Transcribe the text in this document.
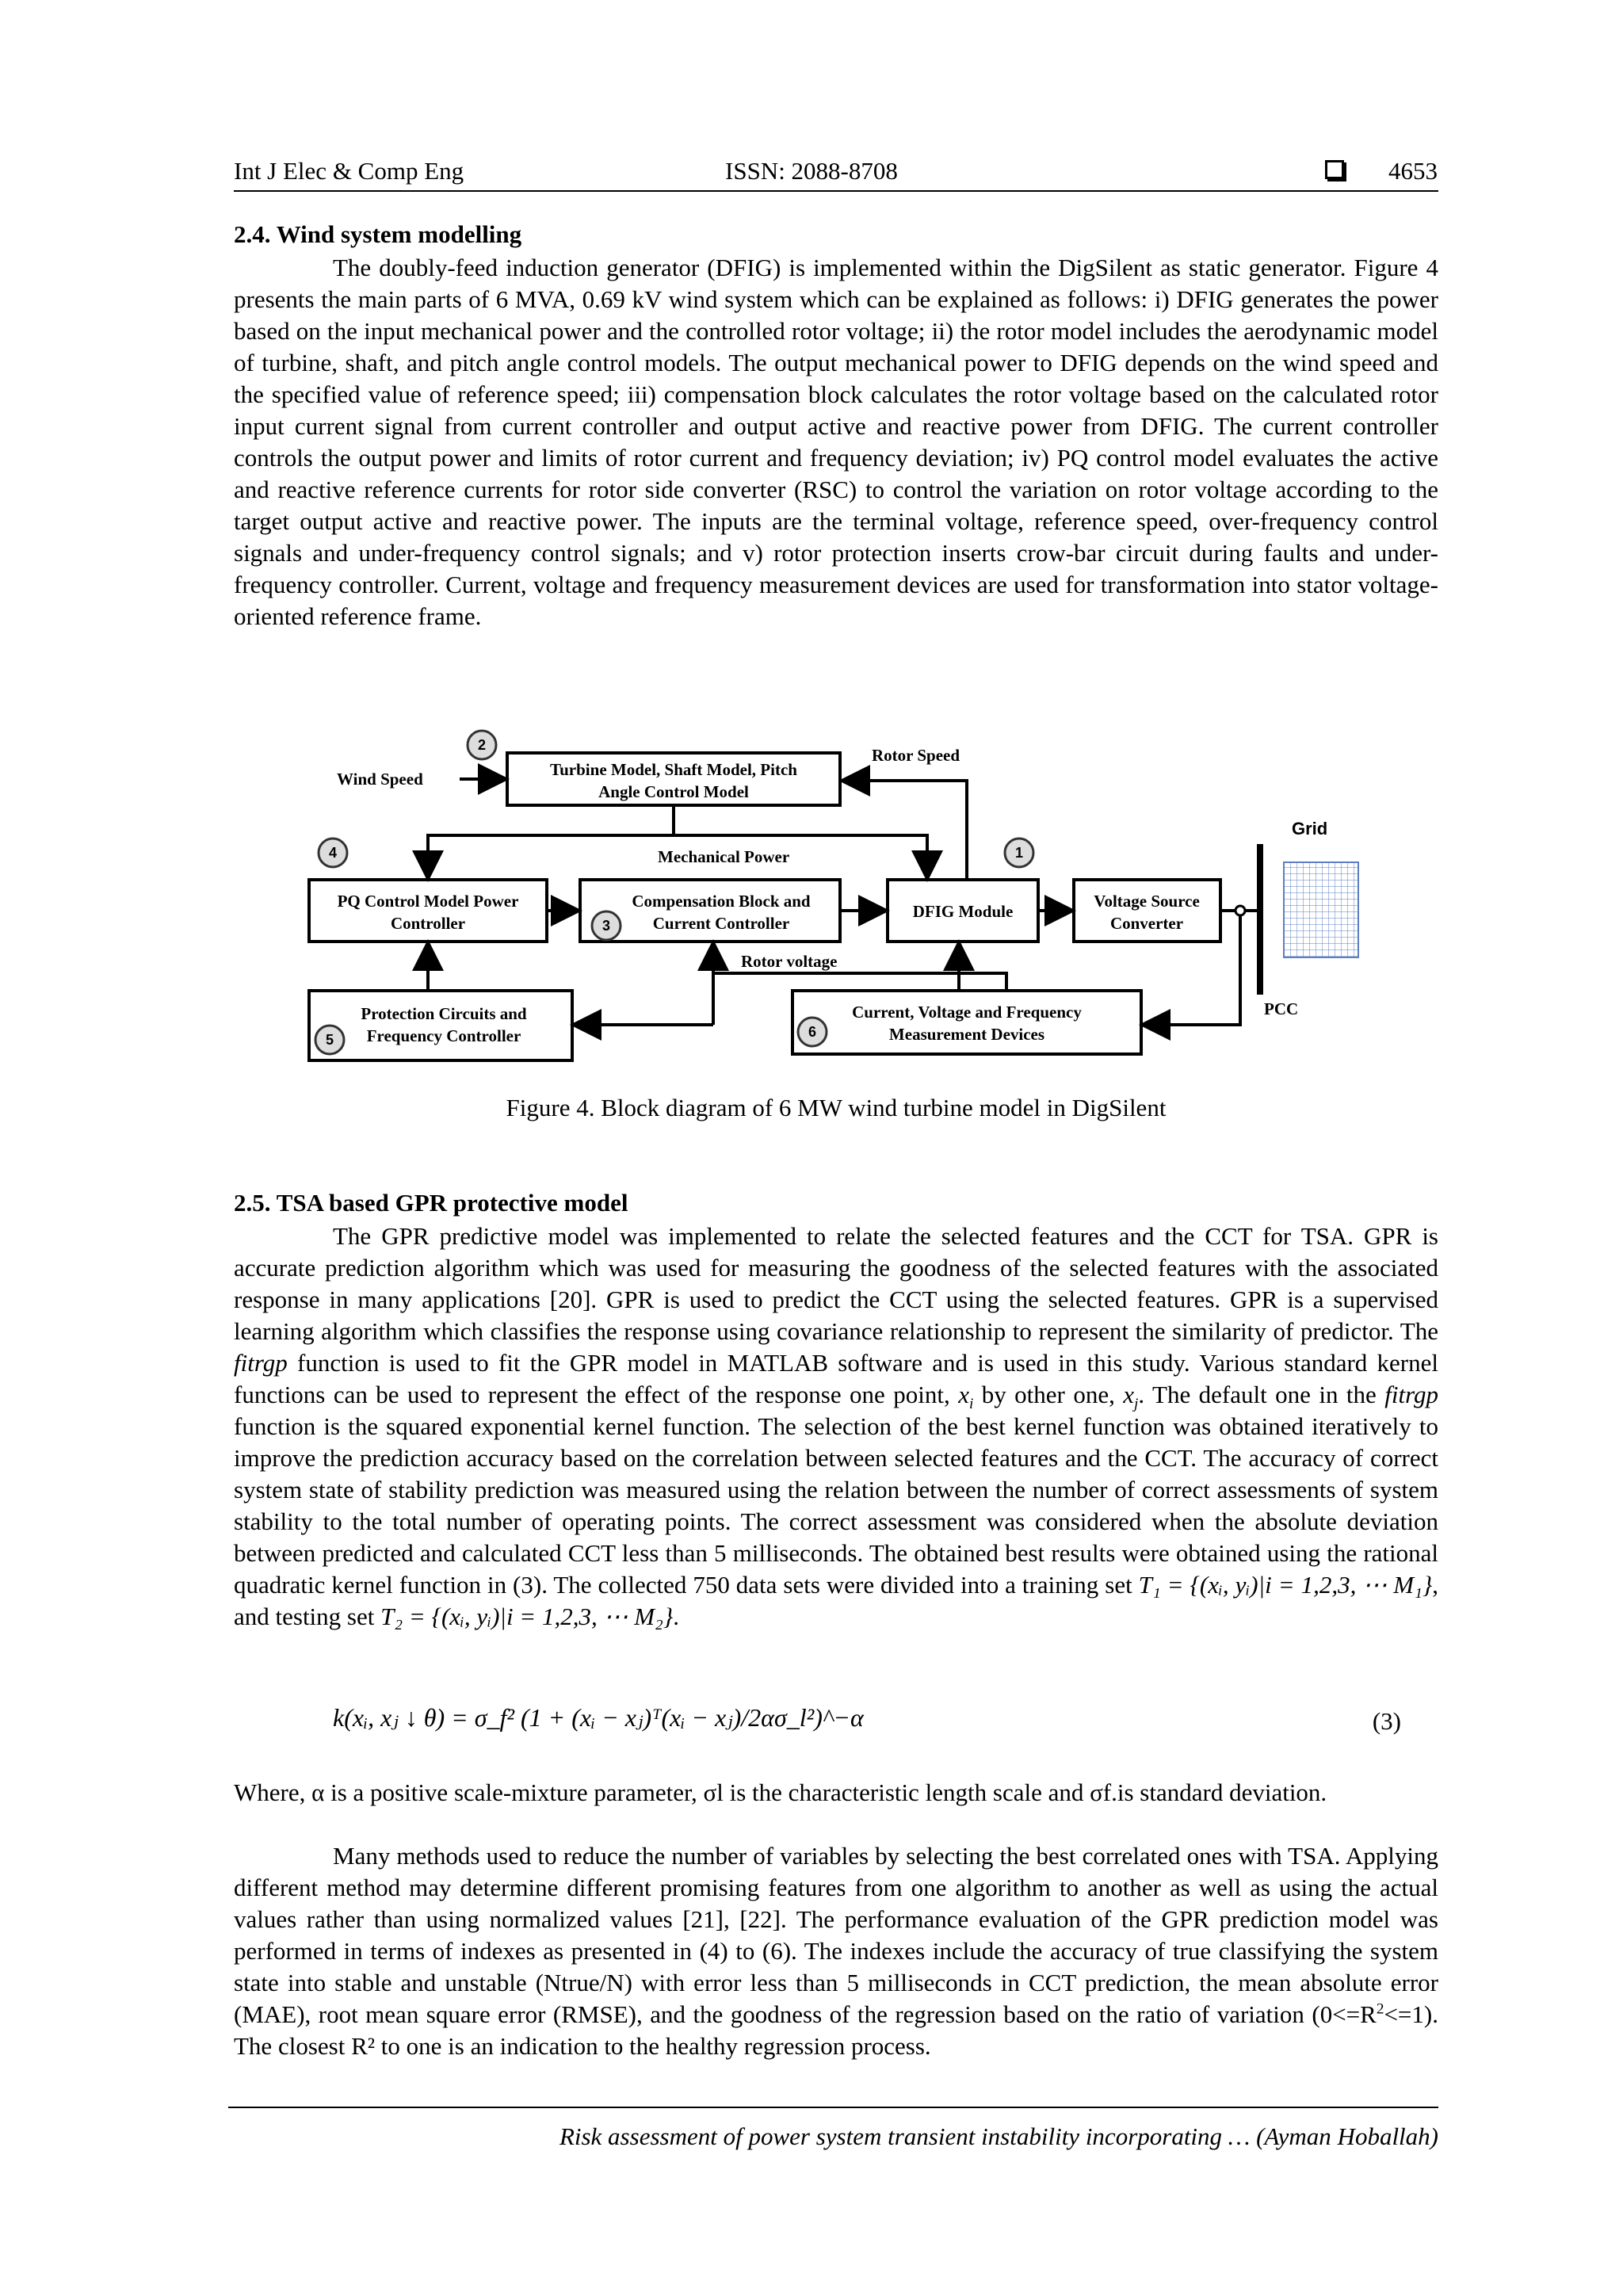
Int J Elec & Comp Eng	ISSN: 2088-8708	4653
2.4. Wind system modelling

The doubly-feed induction generator (DFIG) is implemented within the DigSilent as static generator. Figure 4 presents the main parts of 6 MVA, 0.69 kV wind system which can be explained as follows: i) DFIG generates the power based on the input mechanical power and the controlled rotor voltage; ii) the rotor model includes the aerodynamic model of turbine, shaft, and pitch angle control models. The output mechanical power to DFIG depends on the wind speed and the specified value of reference speed; iii) compensation block calculates the rotor voltage based on the calculated rotor input current signal from current controller and output active and reactive power from DFIG. The current controller controls the output power and limits of rotor current and frequency deviation; iv) PQ control model evaluates the active and reactive reference currents for rotor side converter (RSC) to control the variation on rotor voltage according to the target output active and reactive power. The inputs are the terminal voltage, reference speed, over-frequency control signals and under-frequency control signals; and v) rotor protection inserts crow-bar circuit during faults and under-frequency controller. Current, voltage and frequency measurement devices are used for transformation into stator voltage-oriented reference frame.

Wind Speed	Turbine Model, Shaft Model, Pitch
Angle Control Model
Rotor Speed
Grid
Mechanical Power
PQ Control Model Power
Controller
Compensation Block and
Current Controller
DFIG Module
Voltage Source
Converter
Rotor voltage
Protection Circuits and
Frequency Controller
Current, Voltage and Frequency
Measurement Devices
PCC
2
4	1
3
5	6
Figure 4. Block diagram of 6 MW wind turbine model in DigSilent
2.5. TSA based GPR protective model

The GPR predictive model was implemented to relate the selected features and the CCT for TSA. GPR is accurate prediction algorithm which was used for measuring the goodness of the selected features with the associated response in many applications [20]. GPR is used to predict the CCT using the selected features. GPR is a supervised learning algorithm which classifies the response using covariance relationship to represent the similarity of predictor. The fitrgp function is used to fit the GPR model in MATLAB software and is used in this study. Various standard kernel functions can be used to represent the effect of the response one point, $x_i$ by other one, $x_j$. The default one in the fitrgp function is the squared exponential kernel function. The selection of the best kernel function was obtained iteratively to improve the prediction accuracy based on the correlation between selected features and the CCT. The accuracy of correct system state of stability prediction was measured using the relation between the number of correct assessments of system stability to the total number of operating points. The correct assessment was considered when the absolute deviation between predicted and calculated CCT less than 5 milliseconds. The obtained best results were obtained using the rational quadratic kernel function in (3). The collected 750 data sets were divided into a training set T₁ = {(xᵢ, yᵢ)|i = 1,2,3, ⋯ M₁}, and testing set T₂ = {(xᵢ, yᵢ)|i = 1,2,3, ⋯ M₂}.

k(xᵢ, xⱼ ↓ θ) = σ_f² (1 + (xᵢ − xⱼ)ᵀ(xᵢ − xⱼ)/2ασ_l²)^−α	(3)

Where, α is a positive scale-mixture parameter, σl is the characteristic length scale and σf.is standard deviation.

Many methods used to reduce the number of variables by selecting the best correlated ones with TSA. Applying different method may determine different promising features from one algorithm to another as well as using the actual values rather than using normalized values [21], [22]. The performance evaluation of the GPR prediction model was performed in terms of indexes as presented in (4) to (6). The indexes include the accuracy of true classifying the system state into stable and unstable (Ntrue/N) with error less than 5 milliseconds in CCT prediction, the mean absolute error (MAE), root mean square error (RMSE), and the goodness of the regression based on the ratio of variation $(0<=R^2<=1)$. The closest R² to one is an indication to the healthy regression process.

Risk assessment of power system transient instability incorporating … (Ayman Hoballah)
